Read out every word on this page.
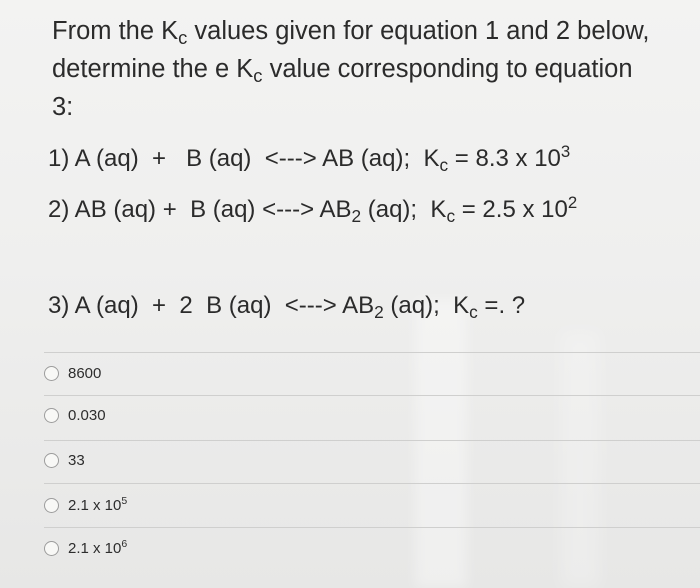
From the $K_c$ values given for equation 1 and 2 below,
determine the e $K_c$ value corresponding to equation
3:
1) A (aq)  +   B (aq)  <---> AB (aq);  $K_c = 8.3$ x $10^3$
2) AB (aq) +  B (aq) <---> $AB_2$ (aq);  $K_c = 2.5$ x $10^2$
3) A (aq)  +  2  B (aq)  <---> $AB_2$ (aq);  $K_c$ =. ?
8600
0.030
33
2.1 x $10^5$
2.1 x $10^6$
